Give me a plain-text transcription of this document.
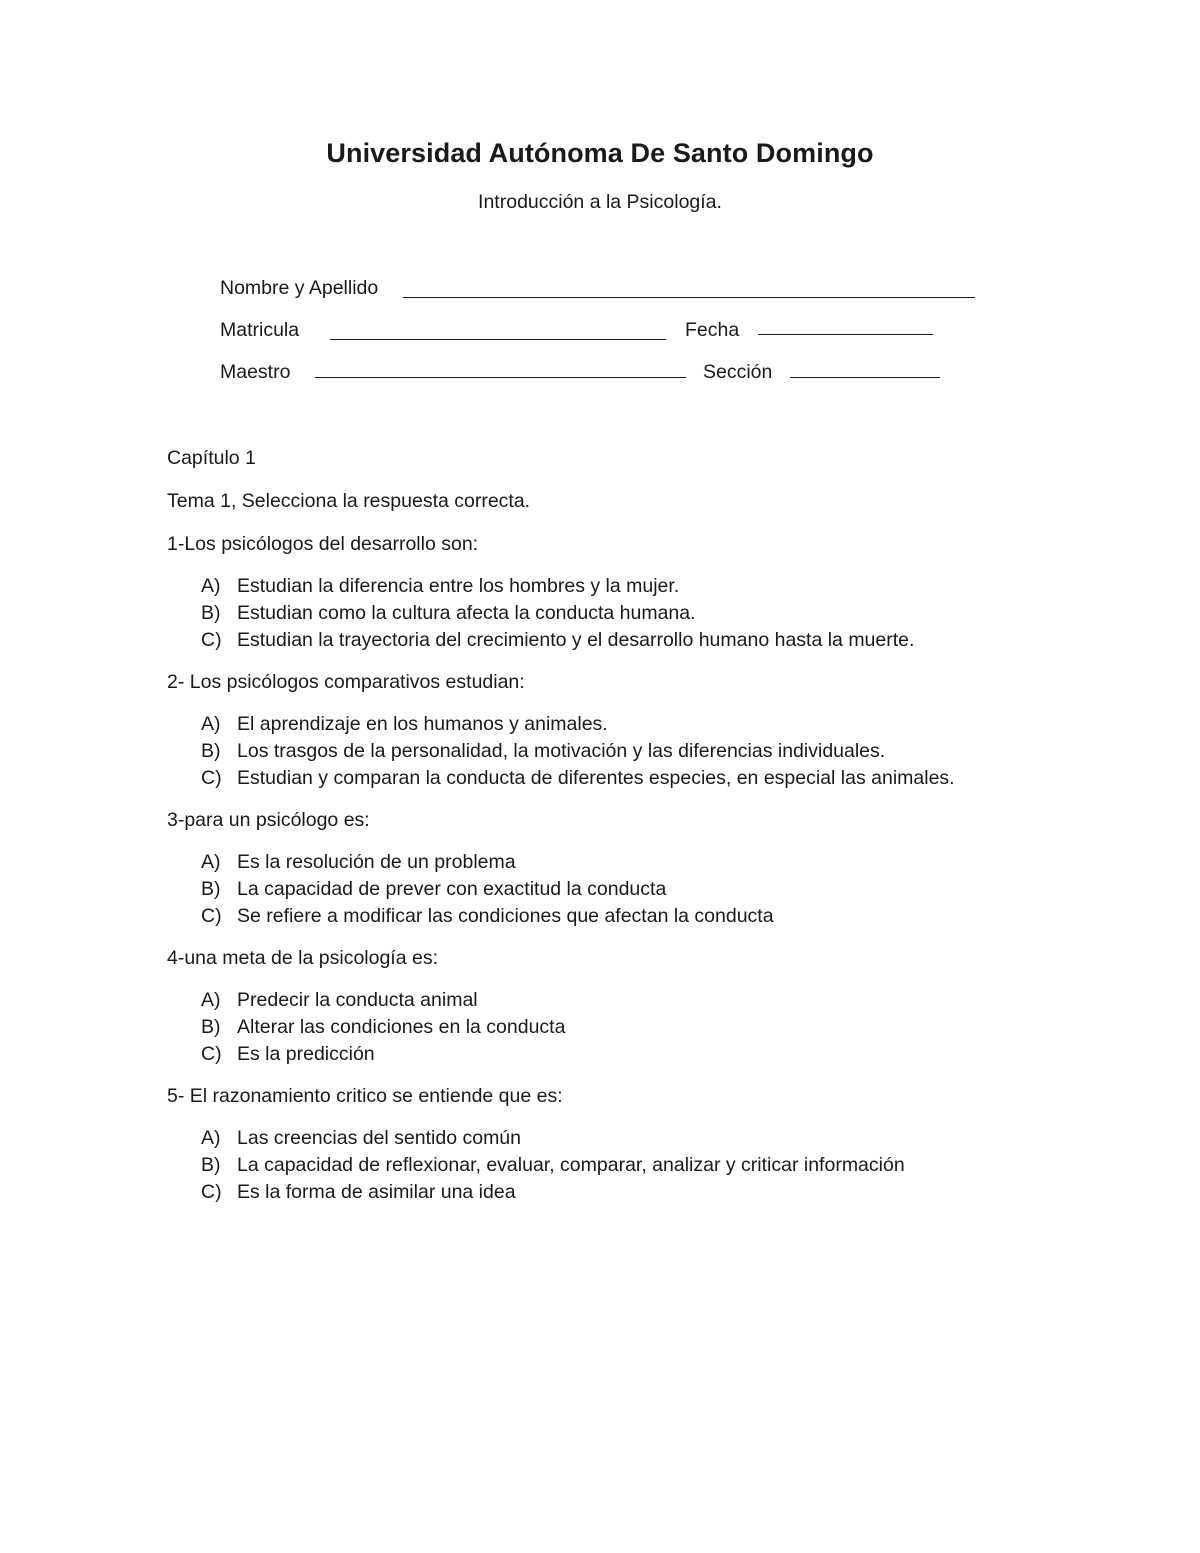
Universidad Autónoma De Santo Domingo
Introducción a la Psicología.
Nombre y Apellido
Matricula	Fecha
Maestro	Sección
Capítulo 1
Tema 1, Selecciona la respuesta correcta.
1-Los psicólogos del desarrollo son:
A) Estudian la diferencia entre los hombres y la mujer.
B) Estudian como la cultura afecta la conducta humana.
C) Estudian la trayectoria del crecimiento y el desarrollo humano hasta la muerte.
2- Los psicólogos comparativos estudian:
A) El aprendizaje en los humanos y animales.
B) Los trasgos de la personalidad, la motivación y las diferencias individuales.
C) Estudian y comparan la conducta de diferentes especies, en especial las animales.
3-para un psicólogo es:
A) Es la resolución de un problema
B) La capacidad de prever con exactitud la conducta
C) Se refiere a modificar las condiciones que afectan la conducta
4-una meta de la psicología es:
A) Predecir la conducta animal
B) Alterar las condiciones en la conducta
C) Es la predicción
5- El razonamiento critico se entiende que es:
A) Las creencias del sentido común
B) La capacidad de reflexionar, evaluar, comparar, analizar y criticar información
C) Es la forma de asimilar una idea
